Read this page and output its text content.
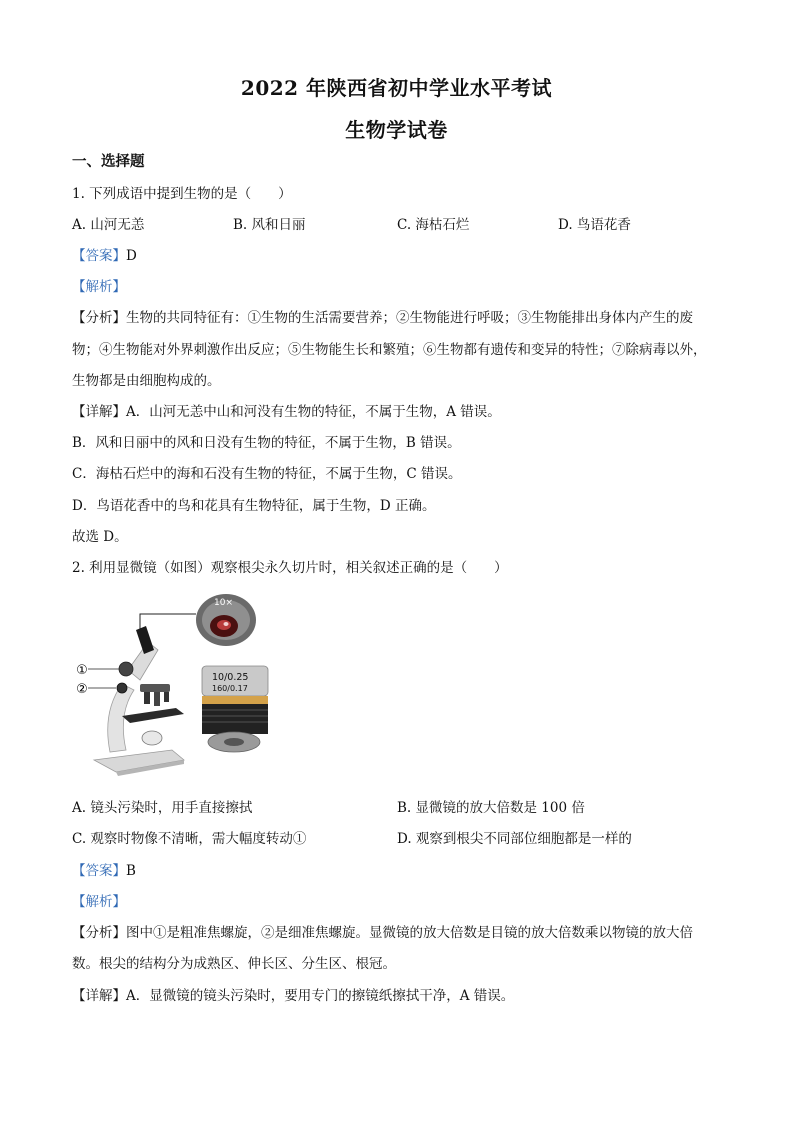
2022 年陕西省初中学业水平考试
生物学试卷
一、选择题
1. 下列成语中提到生物的是（　　）
A. 山河无恙	B. 风和日丽	C. 海枯石烂	D. 鸟语花香
【答案】D
【解析】
【分析】生物的共同特征有：①生物的生活需要营养；②生物能进行呼吸；③生物能排出身体内产生的废
物；④生物能对外界刺激作出反应；⑤生物能生长和繁殖；⑥生物都有遗传和变异的特性；⑦除病毒以外，
生物都是由细胞构成的。
【详解】A．山河无恙中山和河没有生物的特征，不属于生物，A 错误。
B．风和日丽中的风和日没有生物的特征，不属于生物，B 错误。
C．海枯石烂中的海和石没有生物的特征，不属于生物，C 错误。
D．鸟语花香中的鸟和花具有生物特征，属于生物，D 正确。
故选 D。
2. 利用显微镜（如图）观察根尖永久切片时，相关叙述正确的是（　　）
①
②
10×
10/0.25
160/0.17
A. 镜头污染时，用手直接擦拭	B. 显微镜的放大倍数是 100 倍
C. 观察时物像不清晰，需大幅度转动①	D. 观察到根尖不同部位细胞都是一样的
【答案】B
【解析】
【分析】图中①是粗准焦螺旋，②是细准焦螺旋。显微镜的放大倍数是目镜的放大倍数乘以物镜的放大倍
数。根尖的结构分为成熟区、伸长区、分生区、根冠。
【详解】A．显微镜的镜头污染时，要用专门的擦镜纸擦拭干净，A 错误。
